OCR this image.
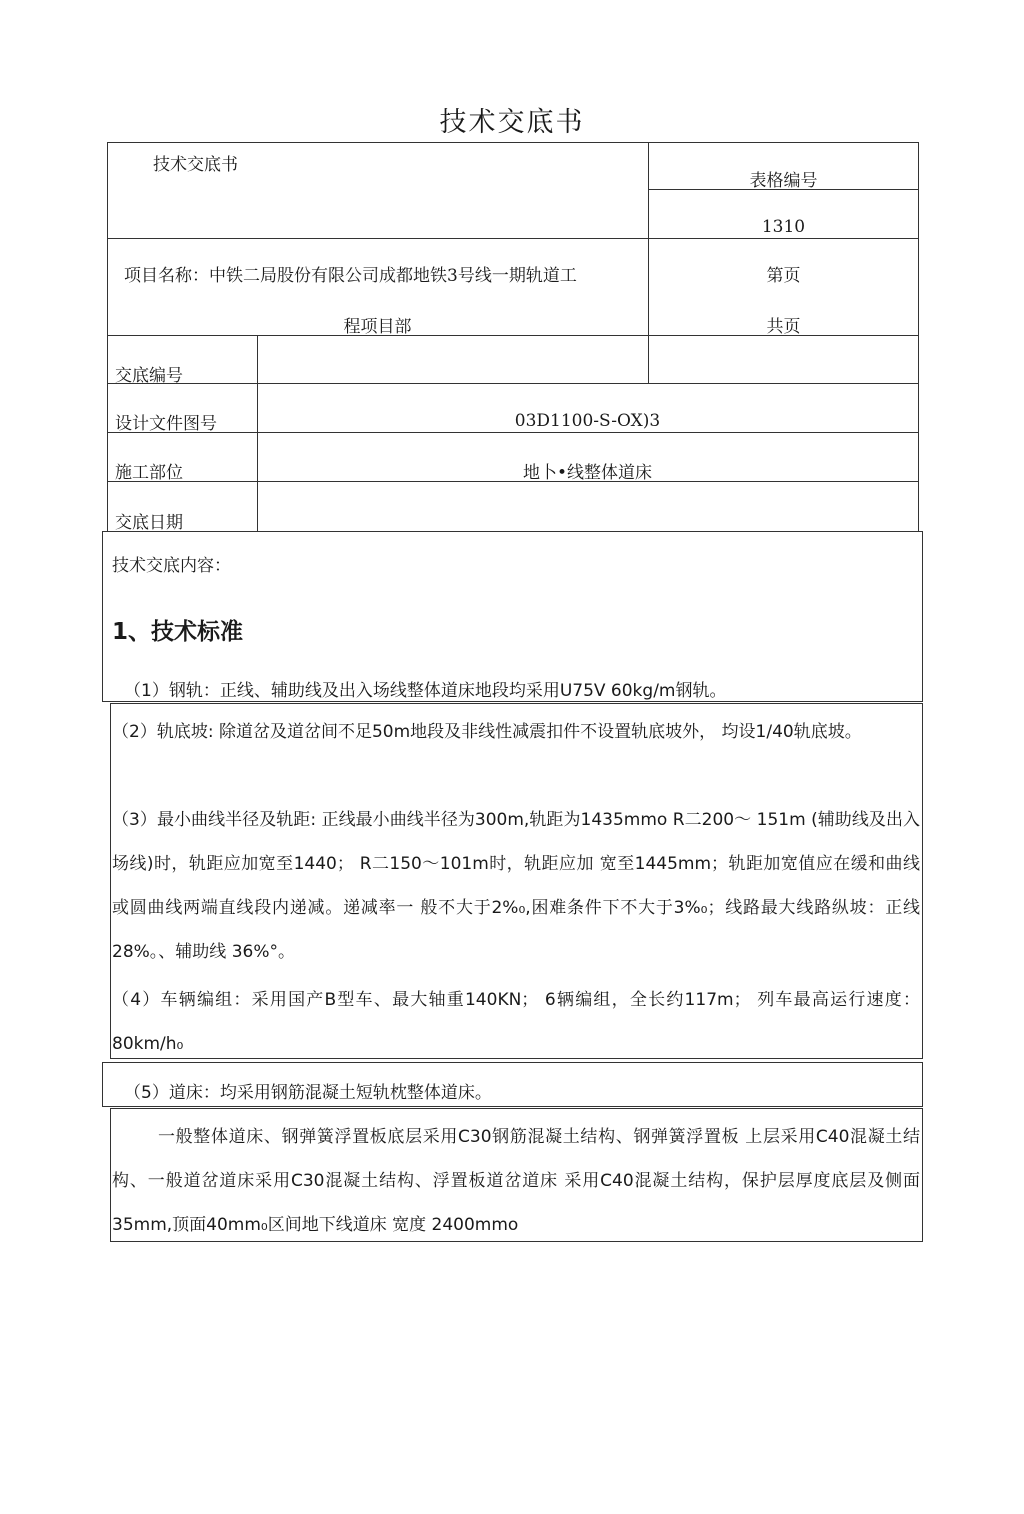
技术交底书
技术交底书
表格编号
1310
项目名称：中铁二局股份有限公司成都地铁3号线一期轨道工
程项目部
第页
共页
交底编号
设计文件图号	03D1100-S-OX)3
施工部位	地卜•线整体道床
交底日期
技术交底内容：
1、技术标准
（1）钢轨：正线、辅助线及出入场线整体道床地段均采用U75V 60kg/m钢轨。
（2）轨底坡: 除道岔及道岔间不足50m地段及非线性减震扣件不设置轨底坡外， 均设1/40轨底坡。
（3）最小曲线半径及轨距: 正线最小曲线半径为300m,轨距为1435mmo R二200〜 151m (辅助线及出入场线)时，轨距应加宽至1440； R二150〜101m时，轨距应加 宽至1445mm；轨距加宽值应在缓和曲线或圆曲线两端直线段内递减。递减率一 般不大于2%₀,困难条件下不大于3%₀；线路最大线路纵坡：正线28%。、辅助线 36%°。
（4）车辆编组：采用国产B型车、最大轴重140KN； 6辆编组，全长约117m； 列车最高运行速度：80km/h₀
（5）道床：均采用钢筋混凝土短轨枕整体道床。
一般整体道床、钢弹簧浮置板底层采用C30钢筋混凝土结构、钢弹簧浮置板 上层采用C40混凝土结构、一般道岔道床采用C30混凝土结构、浮置板道岔道床 采用C40混凝土结构，保护层厚度底层及侧面35mm,顶面40mm₀区间地下线道床 宽度 2400mmo
